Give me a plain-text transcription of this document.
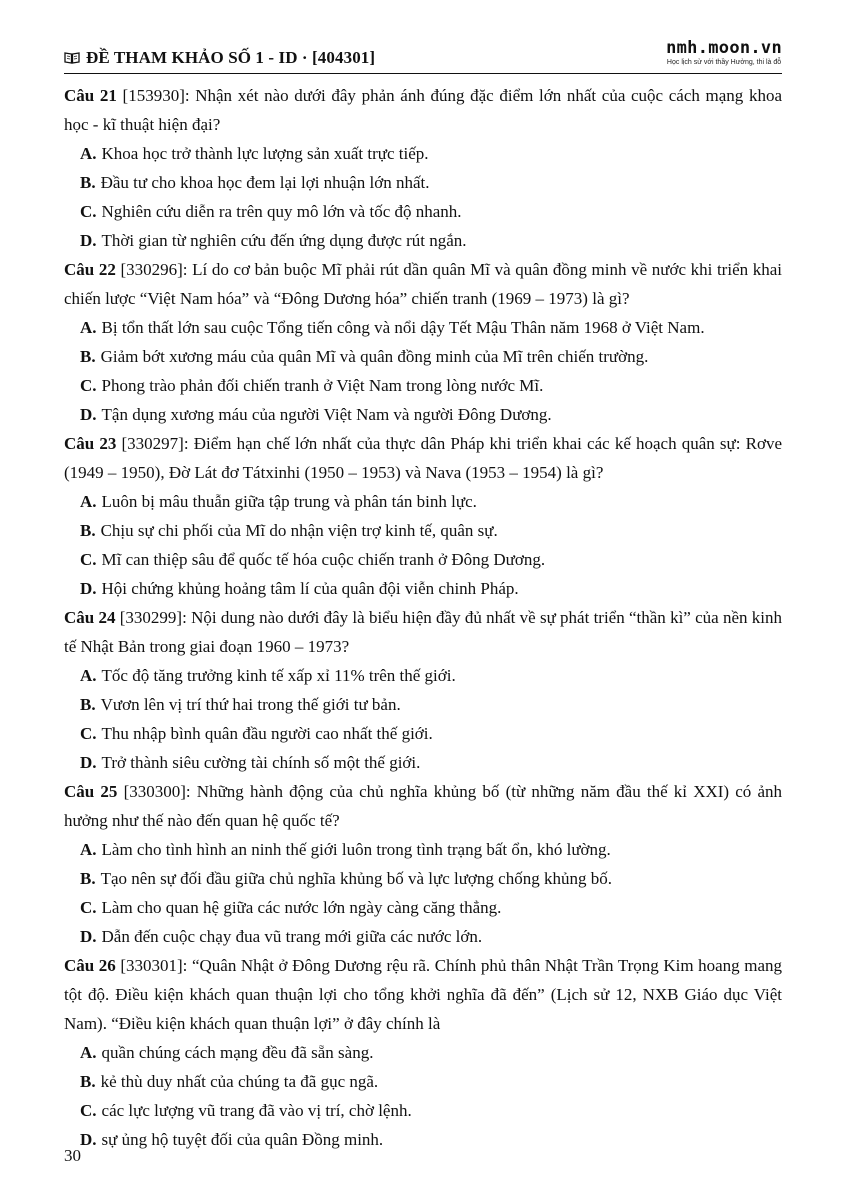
ĐỀ THAM KHẢO SỐ 1 - ID · [404301]	nmh.moon.vn
Học lịch sử với thầy Hưởng, thi là đỗ

Câu 21 [153930]: Nhận xét nào dưới đây phản ánh đúng đặc điểm lớn nhất của cuộc cách mạng khoa học - kĩ thuật hiện đại?

A. Khoa học trở thành lực lượng sản xuất trực tiếp.
B. Đầu tư cho khoa học đem lại lợi nhuận lớn nhất.
C. Nghiên cứu diễn ra trên quy mô lớn và tốc độ nhanh.
D. Thời gian từ nghiên cứu đến ứng dụng được rút ngắn.

Câu 22 [330296]: Lí do cơ bản buộc Mĩ phải rút dần quân Mĩ và quân đồng minh về nước khi triển khai chiến lược “Việt Nam hóa” và “Đông Dương hóa” chiến tranh (1969 – 1973) là gì?

A. Bị tổn thất lớn sau cuộc Tổng tiến công và nổi dậy Tết Mậu Thân năm 1968 ở Việt Nam.
B. Giảm bớt xương máu của quân Mĩ và quân đồng minh của Mĩ trên chiến trường.
C. Phong trào phản đối chiến tranh ở Việt Nam trong lòng nước Mĩ.
D. Tận dụng xương máu của người Việt Nam và người Đông Dương.

Câu 23 [330297]: Điểm hạn chế lớn nhất của thực dân Pháp khi triển khai các kế hoạch quân sự: Rơve (1949 – 1950), Đờ Lát đơ Tátxinhi (1950 – 1953) và Nava (1953 – 1954) là gì?

A. Luôn bị mâu thuẫn giữa tập trung và phân tán binh lực.
B. Chịu sự chi phối của Mĩ do nhận viện trợ kinh tế, quân sự.
C. Mĩ can thiệp sâu để quốc tế hóa cuộc chiến tranh ở Đông Dương.
D. Hội chứng khủng hoảng tâm lí của quân đội viễn chinh Pháp.

Câu 24 [330299]: Nội dung nào dưới đây là biểu hiện đầy đủ nhất về sự phát triển “thần kì” của nền kinh tế Nhật Bản trong giai đoạn 1960 – 1973?

A. Tốc độ tăng trưởng kinh tế xấp xỉ 11% trên thế giới.
B. Vươn lên vị trí thứ hai trong thế giới tư bản.
C. Thu nhập bình quân đầu người cao nhất thế giới.
D. Trở thành siêu cường tài chính số một thế giới.

Câu 25 [330300]: Những hành động của chủ nghĩa khủng bố (từ những năm đầu thế kỉ XXI) có ảnh hưởng như thế nào đến quan hệ quốc tế?

A. Làm cho tình hình an ninh thế giới luôn trong tình trạng bất ổn, khó lường.
B. Tạo nên sự đối đầu giữa chủ nghĩa khủng bố và lực lượng chống khủng bố.
C. Làm cho quan hệ giữa các nước lớn ngày càng căng thẳng.
D. Dẫn đến cuộc chạy đua vũ trang mới giữa các nước lớn.

Câu 26 [330301]: “Quân Nhật ở Đông Dương rệu rã. Chính phủ thân Nhật Trần Trọng Kim hoang mang tột độ. Điều kiện khách quan thuận lợi cho tổng khởi nghĩa đã đến” (Lịch sử 12, NXB Giáo dục Việt Nam). “Điều kiện khách quan thuận lợi” ở đây chính là

A. quần chúng cách mạng đều đã sẵn sàng.
B. kẻ thù duy nhất của chúng ta đã gục ngã.
C. các lực lượng vũ trang đã vào vị trí, chờ lệnh.
D. sự ủng hộ tuyệt đối của quân Đồng minh.
30
